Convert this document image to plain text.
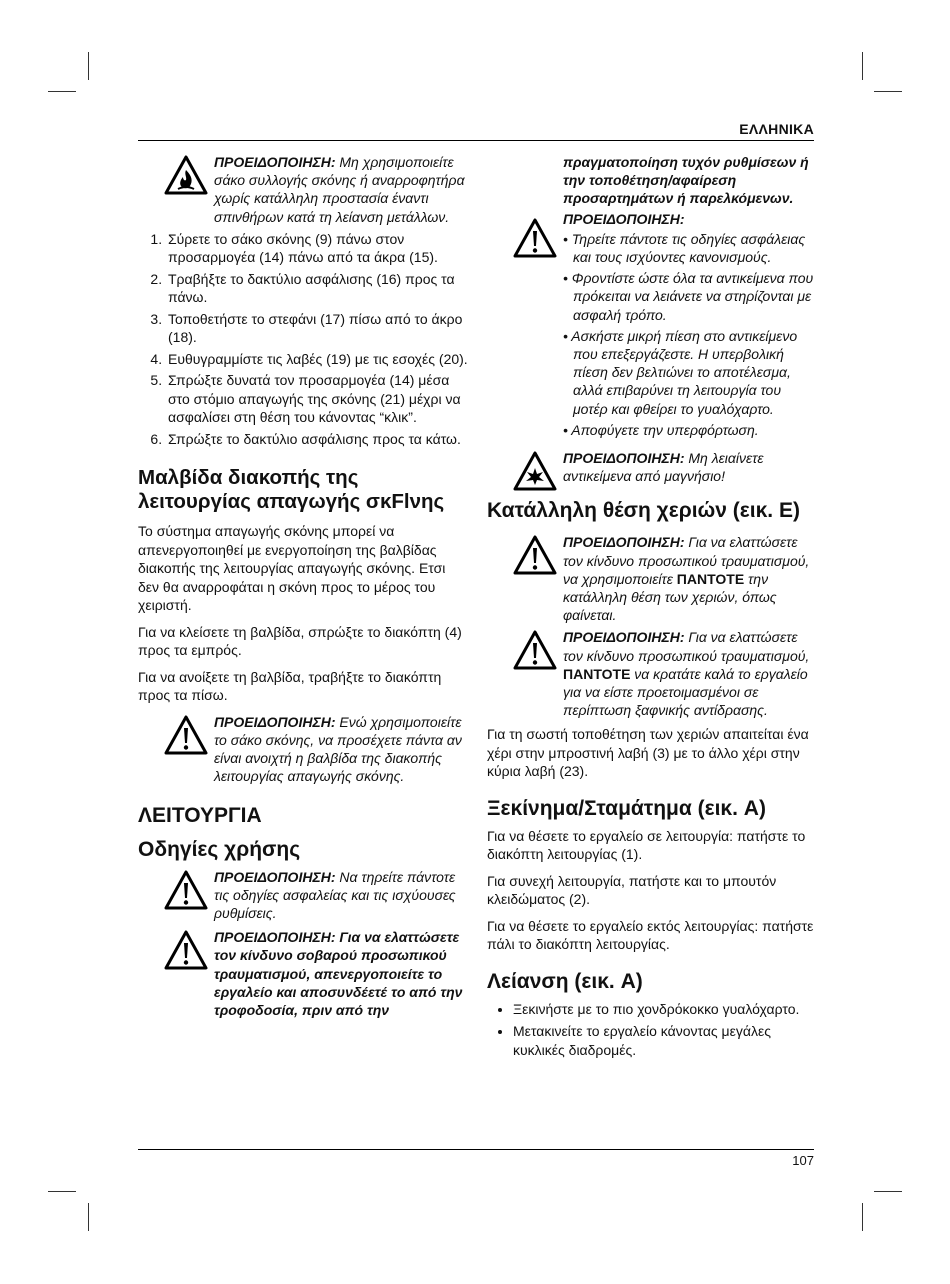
ΕΛΛΗΝΙΚΑ
ΠΡΟΕΙΔΟΠΟΙΗΣΗ: Μη χρησιμοποιείτε σάκο συλλογής σκόνης ή αναρροφητήρα χωρίς κατάλληλη προστασία έναντι σπινθήρων κατά τη λείανση μετάλλων.
1. Σύρετε το σάκο σκόνης (9) πάνω στον προσαρμογέα (14) πάνω από τα άκρα (15).
2. Τραβήξτε το δακτύλιο ασφάλισης (16) προς τα πάνω.
3. Τοποθετήστε το στεφάνι (17) πίσω από το άκρο (18).
4. Ευθυγραμμίστε τις λαβές (19) με τις εσοχές (20).
5. Σπρώξτε δυνατά τον προσαρμογέα (14) μέσα στο στόμιο απαγωγής της σκόνης (21) μέχρι να ασφαλίσει στη θέση του κάνοντας “κλικ”.
6. Σπρώξτε το δακτύλιο ασφάλισης προς τα κάτω.
Μαλβίδα διακοπής της λειτουργίας απαγωγής σκFlνης

Το σύστημα απαγωγής σκόνης μπορεί να απενεργοποιηθεί με ενεργοποίηση της βαλβίδας διακοπής της λειτουργίας απαγωγής σκόνης. Ετσι δεν θα αναρροφάται η σκόνη προς το μέρος του χειριστή.

Για να κλείσετε τη βαλβίδα, σπρώξτε το διακόπτη (4) προς τα εμπρός.

Για να ανοίξετε τη βαλβίδα, τραβήξτε το διακόπτη προς τα πίσω.

ΠΡΟΕΙΔΟΠΟΙΗΣΗ: Ενώ χρησιμοποιείτε το σάκο σκόνης, να προσέχετε πάντα αν είναι ανοιχτή η βαλβίδα της διακοπής λειτουργίας απαγωγής σκόνης.
ΛΕΙΤΟΥΡΓΙΑ
Οδηγίες χρήσης
ΠΡΟΕΙΔΟΠΟΙΗΣΗ: Να τηρείτε πάντοτε τις οδηγίες ασφαλείας και τις ισχύουσες ρυθμίσεις.
ΠΡΟΕΙΔΟΠΟΙΗΣΗ: Για να ελαττώσετε τον κίνδυνο σοβαρού προσωπικού τραυματισμού, απενεργοποιείτε το εργαλείο και αποσυνδέετέ το από την τροφοδοσία, πριν από την
πραγματοποίηση τυχόν ρυθμίσεων ή την τοποθέτηση/αφαίρεση προσαρτημάτων ή παρελκόμενων.
ΠΡΟΕΙΔΟΠΟΙΗΣΗ:
• Τηρείτε πάντοτε τις οδηγίες ασφάλειας και τους ισχύοντες κανονισμούς.
• Φροντίστε ώστε όλα τα αντικείμενα που πρόκειται να λειάνετε να στηρίζονται με ασφαλή τρόπο.
• Ασκήστε μικρή πίεση στο αντικείμενο που επεξεργάζεστε. Η υπερβολική πίεση δεν βελτιώνει το αποτέλεσμα, αλλά επιβαρύνει τη λειτουργία του μοτέρ και φθείρει το γυαλόχαρτο.
• Αποφύγετε την υπερφόρτωση.
ΠΡΟΕΙΔΟΠΟΙΗΣΗ: Μη λειαίνετε αντικείμενα από μαγνήσιο!
Κατάλληλη θέση χεριών (εικ. E)
ΠΡΟΕΙΔΟΠΟΙΗΣΗ: Για να ελαττώσετε τον κίνδυνο προσωπικού τραυματισμού, να χρησιμοποιείτε ΠΑΝΤΟΤΕ την κατάλληλη θέση των χεριών, όπως φαίνεται.
ΠΡΟΕΙΔΟΠΟΙΗΣΗ: Για να ελαττώσετε τον κίνδυνο προσωπικού τραυματισμού, ΠΑΝΤΟΤΕ να κρατάτε καλά το εργαλείο για να είστε προετοιμασμένοι σε περίπτωση ξαφνικής αντίδρασης.

Για τη σωστή τοποθέτηση των χεριών απαιτείται ένα χέρι στην μπροστινή λαβή (3) με το άλλο χέρι στην κύρια λαβή (23).

Ξεκίνημα/Σταμάτημα (εικ. A)

Για να θέσετε το εργαλείο σε λειτουργία: πατήστε το διακόπτη λειτουργίας (1).

Για συνεχή λειτουργία, πατήστε και το μπουτόν κλειδώματος (2).

Για να θέσετε το εργαλείο εκτός λειτουργίας: πατήστε πάλι το διακόπτη λειτουργίας.

Λείανση (εικ. A)
• Ξεκινήστε με το πιο χονδρόκοκκο γυαλόχαρτο.
• Μετακινείτε το εργαλείο κάνοντας μεγάλες κυκλικές διαδρομές.
107
